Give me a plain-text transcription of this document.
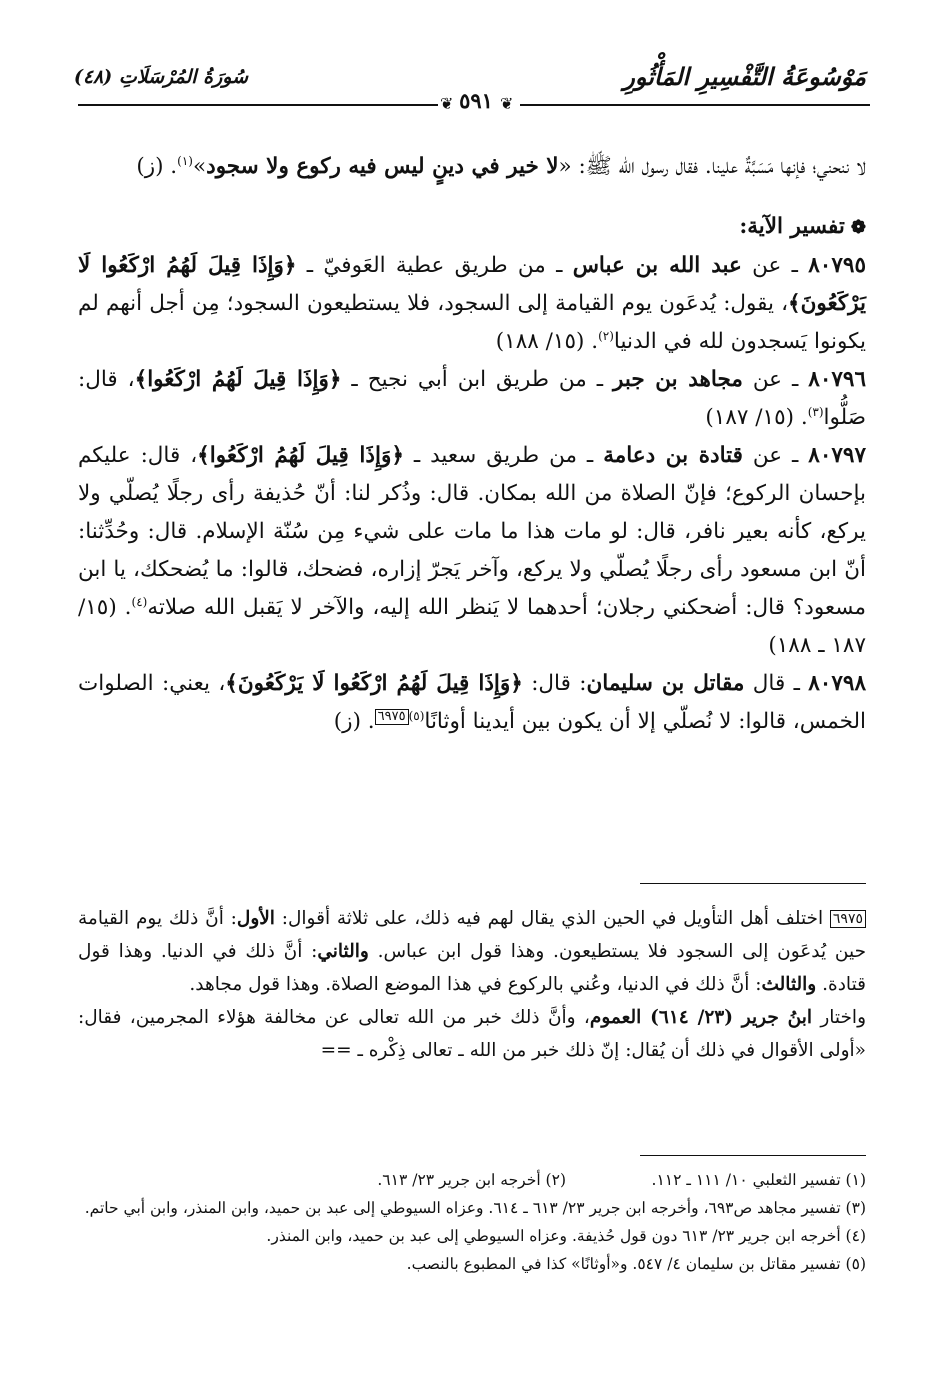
مَوْسُوعَةُ التَّفْسِيرِ المَأْثُورِ
سُورَةُ المُرْسَلَاتِ (٤٨)
❦	❦
٥٩١

لا ننحني؛ فإنها مَسَبَّةٌ علينا. فقال رسول الله ﷺ: «لا خير في دينٍ ليس فيه ركوع ولا سجود»$^{(١)}$. (ز)

❁تفسير الآية:

٨٠٧٩٥ ـ عن عبد الله بن عباس ـ من طريق عطية العَوفيّ ـ ﴿وَإِذَا قِيلَ لَهُمُ ارْكَعُوا لَا يَرْكَعُونَ﴾، يقول: يُدعَون يوم القيامة إلى السجود، فلا يستطيعون السجود؛ مِن أجل أنهم لم يكونوا يَسجدون لله في الدنيا$^{(٢)}$. (١٥/ ١٨٨)

٨٠٧٩٦ ـ عن مجاهد بن جبر ـ من طريق ابن أبي نجيح ـ ﴿وَإِذَا قِيلَ لَهُمُ ارْكَعُوا﴾، قال: صَلُّوا$^{(٣)}$. (١٥/ ١٨٧)

٨٠٧٩٧ ـ عن قتادة بن دعامة ـ من طريق سعيد ـ ﴿وَإِذَا قِيلَ لَهُمُ ارْكَعُوا﴾، قال: عليكم بإحسان الركوع؛ فإنّ الصلاة من الله بمكان. قال: وذُكر لنا: أنّ حُذيفة رأى رجلًا يُصلّي ولا يركع، كأنه بعير نافر، قال: لو مات هذا ما مات على شيء مِن سُنّة الإسلام. قال: وحُدِّثنا: أنّ ابن مسعود رأى رجلًا يُصلّي ولا يركع، وآخر يَجرّ إزاره، فضحك، قالوا: ما يُضحكك، يا ابن مسعود؟ قال: أضحكني رجلان؛ أحدهما لا يَنظر الله إليه، والآخر لا يَقبل الله صلاته$^{(٤)}$. (١٥/ ١٨٧ ـ ١٨٨)

٨٠٧٩٨ ـ قال مقاتل بن سليمان: قال: ﴿وَإِذَا قِيلَ لَهُمُ ارْكَعُوا لَا يَرْكَعُونَ﴾، يعني: الصلوات الخمس، قالوا: لا نُصلّي إلا أن يكون بين أيدينا أوثانًا$^{(٥)}$٦٩٧٥. (ز)

٦٩٧٥ اختلف أهل التأويل في الحين الذي يقال لهم فيه ذلك، على ثلاثة أقوال: الأول: أنَّ ذلك يوم القيامة حين يُدعَون إلى السجود فلا يستطيعون. وهذا قول ابن عباس. والثاني: أنَّ ذلك في الدنيا. وهذا قول قتادة. والثالث: أنَّ ذلك في الدنيا، وعُني بالركوع في هذا الموضع الصلاة. وهذا قول مجاهد.

واختار ابنُ جرير (٢٣/ ٦١٤) العموم، وأنَّ ذلك خبر من الله تعالى عن مخالفة هؤلاء المجرمين، فقال: «أولى الأقوال في ذلك أن يُقال: إنّ ذلك خبر من الله ـ تعالى ذِكْره ـ ==

(١) تفسير الثعلبي ١٠/ ١١١ ـ ١١٢.(٢) أخرجه ابن جرير ٢٣/ ٦١٣.

(٣) تفسير مجاهد ص٦٩٣، وأخرجه ابن جرير ٢٣/ ٦١٣ ـ ٦١٤. وعزاه السيوطي إلى عبد بن حميد، وابن المنذر، وابن أبي حاتم.

(٤) أخرجه ابن جرير ٢٣/ ٦١٣ دون قول حُذيفة. وعزاه السيوطي إلى عبد بن حميد، وابن المنذر.

(٥) تفسير مقاتل بن سليمان ٤/ ٥٤٧. و«أوثانًا» كذا في المطبوع بالنصب.
